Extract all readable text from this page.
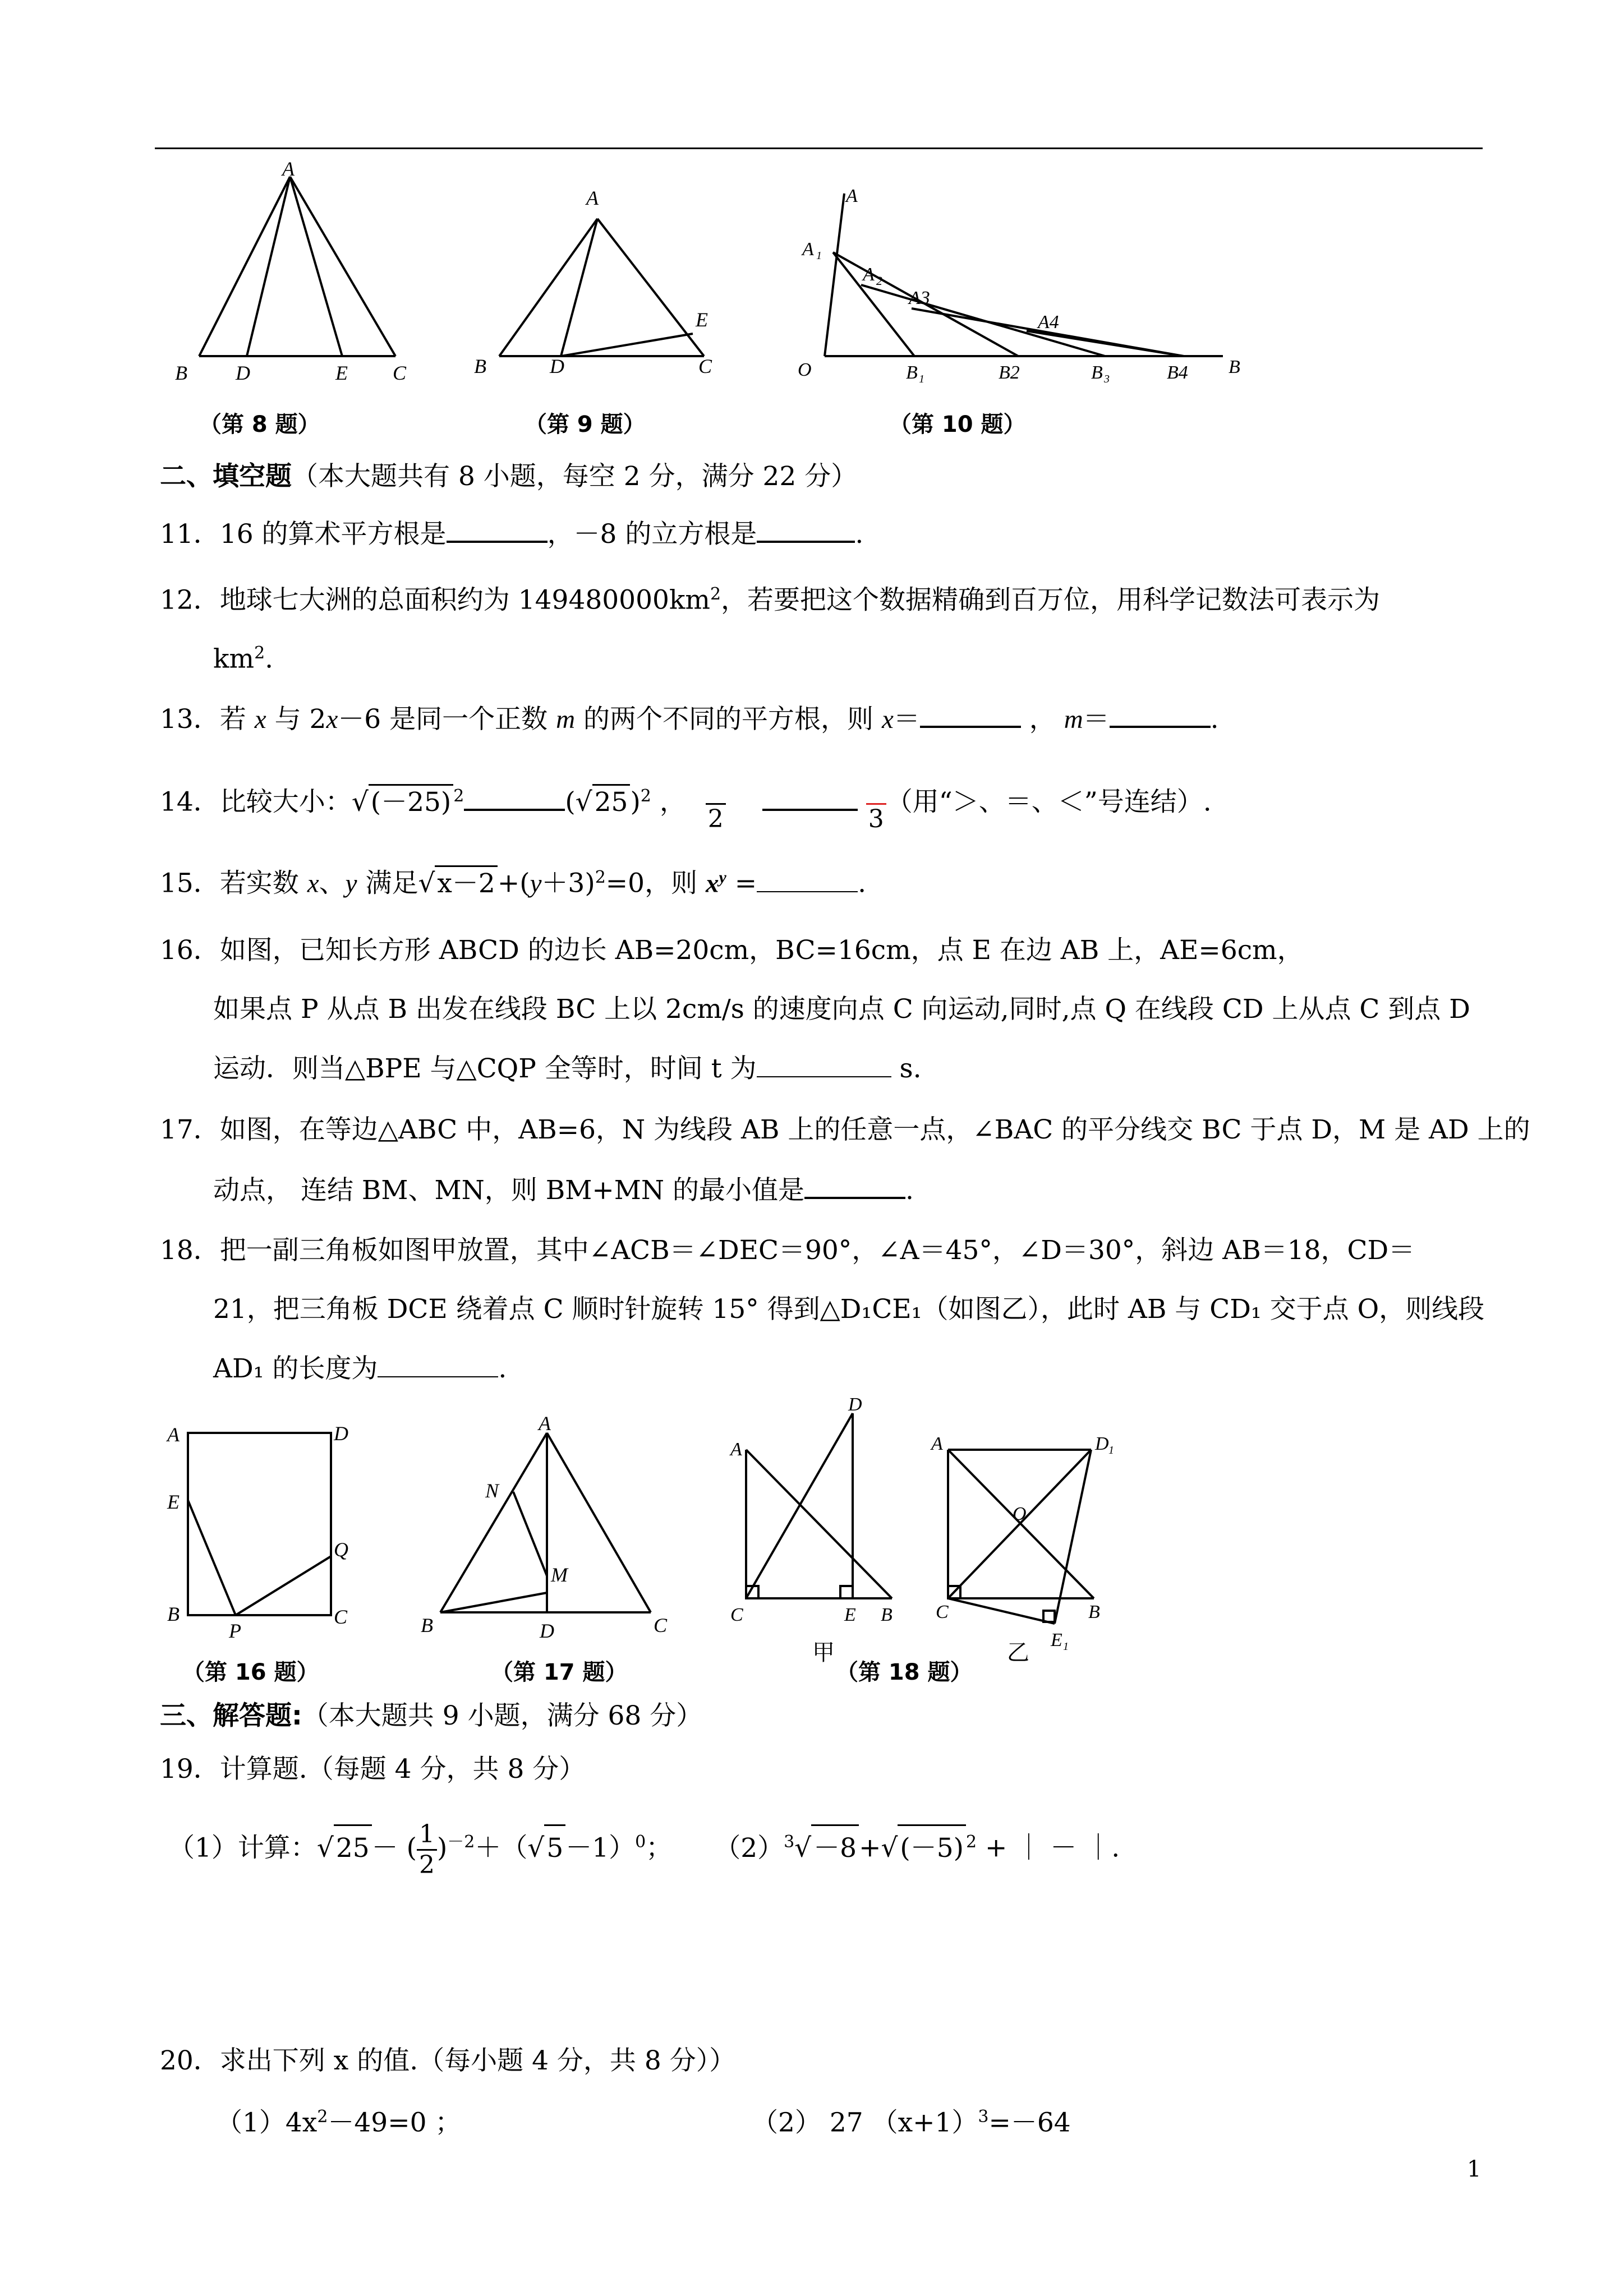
A
B D	E C
（第 8 题）
A
B	D
E
C
（第 9 题）
A
A 1
A 2
A3
A4
O	B 1	B2	B 3	B4 B
（第 10 题）
二、填空题（本大题共有 8 小题，每空 2 分，满分 22 分）
11．16 的算术平方根是	，－8 的立方根是	.
12．地球七大洲的总面积约为 $149480000km^2$，若要把这个数据精确到百万位，用科学记数法可表示为
$km^2$.
13．若 x 与 2x－6 是同一个正数 m 的两个不同的平方根，则 x＝	， m＝	.
14．比较大小：√(－25) $^2$	$(√25)^2$ ，
2
	3
（用“＞、＝、＜”号连结）.
15．若实数 x、y 满足$√x-2+(y+3)^2=0$，则 $x^y$ =	.
16．如图，已知长方形 ABCD 的边长 AB=20cm，BC=16cm，点 E 在边 AB 上，AE=6cm，
如果点 P 从点 B 出发在线段 BC 上以 2cm/s 的速度向点 C 向运动,同时,点 Q 在线段 CD 上从点 C 到点 D
运动．则当△BPE 与△CQP 全等时，时间 t 为	s.
17．如图，在等边△ABC 中，AB=6，N 为线段 AB 上的任意一点，∠BAC 的平分线交 BC 于点 D，M 是 AD 上的
动点， 连结 BM、MN，则 BM+MN 的最小值是	.
18．把一副三角板如图甲放置，其中∠ACB＝∠DEC＝90°，∠A＝45°，∠D＝30°，斜边 AB＝18，CD＝
21，把三角板 DCE 绕着点 C 顺时针旋转 15° 得到△D₁CE₁（如图乙），此时 AB 与 CD₁ 交于点 O，则线段
AD₁ 的长度为	.
A	D
E
Q
B
P
C
（第 16 题）
A
N
M
B	D	C
（第 17 题）
A
D
C	E B
甲
A	D 1
O
C	B
E 1
乙
（第 18 题）
三、解答题:（本大题共 9 小题，满分 68 分）
19．计算题.（每题 4 分，共 8 分）
（1）计算：√25－ ( $\frac{1}{2} )^{-2}+(√5-1)^0$； $(2)^3√-8+√(-5) ^2$ + ｜ － ｜.
20．求出下列 x 的值.（每小题 4 分，共 8 分））
$(1)4x^2-49=0$ ；	（2） 27 $(x+1)^3=-64$
1
